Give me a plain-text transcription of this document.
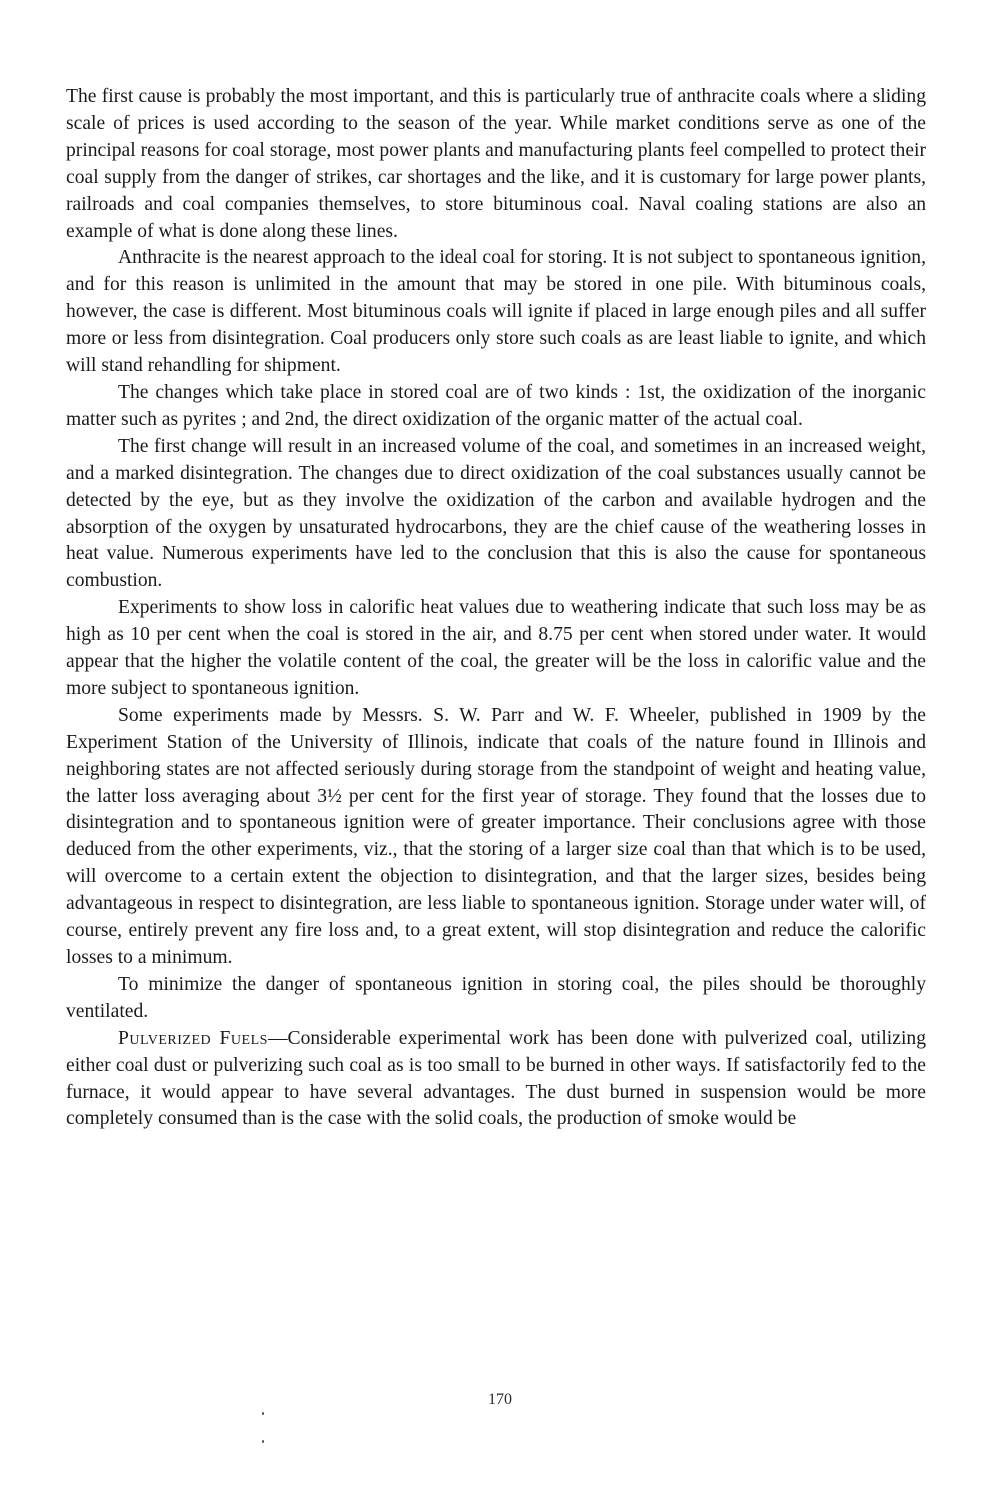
The first cause is probably the most important, and this is particularly true of anthracite coals where a sliding scale of prices is used according to the season of the year. While market conditions serve as one of the principal reasons for coal storage, most power plants and manufacturing plants feel compelled to protect their coal supply from the danger of strikes, car shortages and the like, and it is customary for large power plants, railroads and coal companies themselves, to store bituminous coal. Naval coaling stations are also an example of what is done along these lines.

Anthracite is the nearest approach to the ideal coal for storing. It is not subject to spontaneous ignition, and for this reason is unlimited in the amount that may be stored in one pile. With bituminous coals, however, the case is different. Most bituminous coals will ignite if placed in large enough piles and all suffer more or less from disintegration. Coal producers only store such coals as are least liable to ignite, and which will stand rehandling for shipment.

The changes which take place in stored coal are of two kinds : 1st, the oxidization of the inorganic matter such as pyrites ; and 2nd, the direct oxidization of the organic matter of the actual coal.

The first change will result in an increased volume of the coal, and sometimes in an increased weight, and a marked disintegration. The changes due to direct oxidization of the coal substances usually cannot be detected by the eye, but as they involve the oxidization of the carbon and available hydrogen and the absorption of the oxygen by unsaturated hydrocarbons, they are the chief cause of the weathering losses in heat value. Numerous experiments have led to the conclusion that this is also the cause for spontaneous combustion.

Experiments to show loss in calorific heat values due to weathering indicate that such loss may be as high as 10 per cent when the coal is stored in the air, and 8.75 per cent when stored under water. It would appear that the higher the volatile content of the coal, the greater will be the loss in calorific value and the more subject to spontaneous ignition.

Some experiments made by Messrs. S. W. Parr and W. F. Wheeler, published in 1909 by the Experiment Station of the University of Illinois, indicate that coals of the nature found in Illinois and neighboring states are not affected seriously during storage from the standpoint of weight and heating value, the latter loss averaging about 3½ per cent for the first year of storage. They found that the losses due to disintegration and to spontaneous ignition were of greater importance. Their conclusions agree with those deduced from the other experiments, viz., that the storing of a larger size coal than that which is to be used, will overcome to a certain extent the objection to disintegration, and that the larger sizes, besides being advantageous in respect to disintegration, are less liable to spontaneous ignition. Storage under water will, of course, entirely prevent any fire loss and, to a great extent, will stop disintegration and reduce the calorific losses to a minimum.

To minimize the danger of spontaneous ignition in storing coal, the piles should be thoroughly ventilated.

Pulverized Fuels—Considerable experimental work has been done with pulverized coal, utilizing either coal dust or pulverizing such coal as is too small to be burned in other ways. If satisfactorily fed to the furnace, it would appear to have several advantages. The dust burned in suspension would be more completely consumed than is the case with the solid coals, the production of smoke would be

170
